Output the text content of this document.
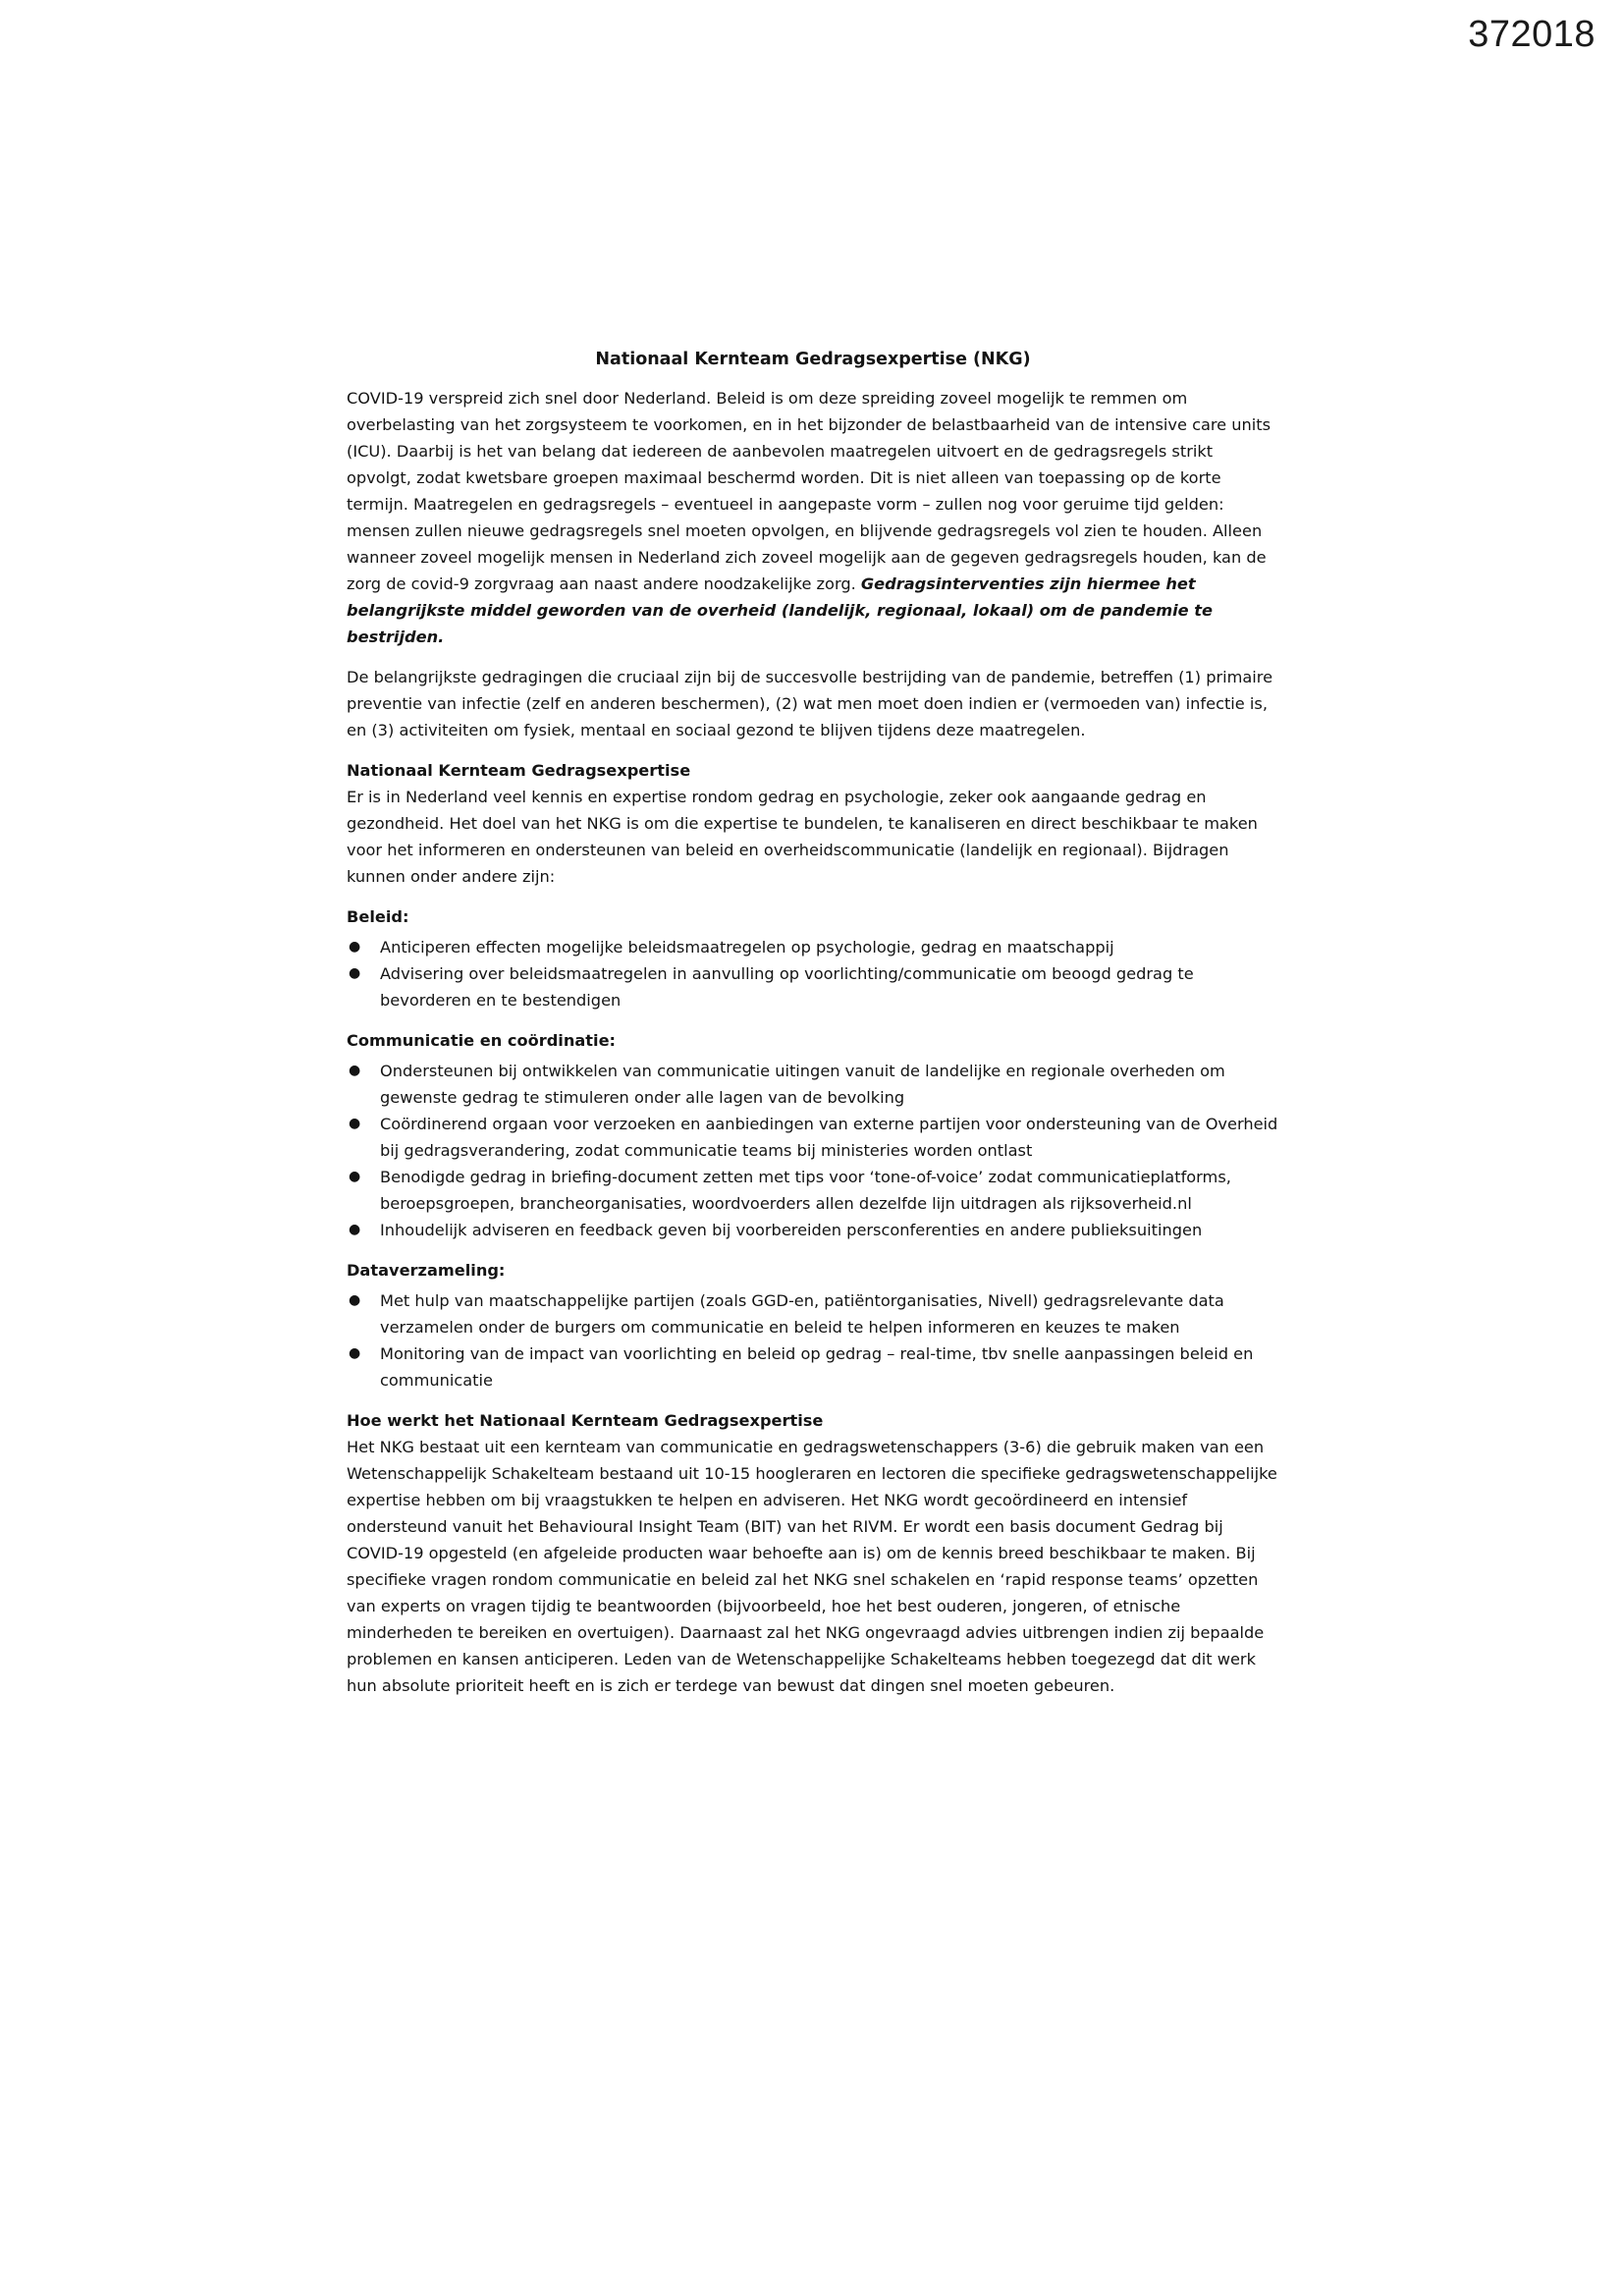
372018
Nationaal Kernteam Gedragsexpertise (NKG)

COVID-19 verspreid zich snel door Nederland. Beleid is om deze spreiding zoveel mogelijk te remmen om overbelasting van het zorgsysteem te voorkomen, en in het bijzonder de belastbaarheid van de intensive care units (ICU). Daarbij is het van belang dat iedereen de aanbevolen maatregelen uitvoert en de gedragsregels strikt opvolgt, zodat kwetsbare groepen maximaal beschermd worden. Dit is niet alleen van toepassing op de korte termijn. Maatregelen en gedragsregels – eventueel in aangepaste vorm – zullen nog voor geruime tijd gelden: mensen zullen nieuwe gedragsregels snel moeten opvolgen, en blijvende gedragsregels vol zien te houden. Alleen wanneer zoveel mogelijk mensen in Nederland zich zoveel mogelijk aan de gegeven gedragsregels houden, kan de zorg de covid-9 zorgvraag aan naast andere noodzakelijke zorg. Gedragsinterventies zijn hiermee het belangrijkste middel geworden van de overheid (landelijk, regionaal, lokaal) om de pandemie te bestrijden.

De belangrijkste gedragingen die cruciaal zijn bij de succesvolle bestrijding van de pandemie, betreffen (1) primaire preventie van infectie (zelf en anderen beschermen), (2) wat men moet doen indien er (vermoeden van) infectie is, en (3) activiteiten om fysiek, mentaal en sociaal gezond te blijven tijdens deze maatregelen.

Nationaal Kernteam Gedragsexpertise

Er is in Nederland veel kennis en expertise rondom gedrag en psychologie, zeker ook aangaande gedrag en gezondheid. Het doel van het NKG is om die expertise te bundelen, te kanaliseren en direct beschikbaar te maken voor het informeren en ondersteunen van beleid en overheidscommunicatie (landelijk en regionaal). Bijdragen kunnen onder andere zijn:

Beleid:
● Anticiperen effecten mogelijke beleidsmaatregelen op psychologie, gedrag en maatschappij
● Advisering over beleidsmaatregelen in aanvulling op voorlichting/communicatie om beoogd gedrag te bevorderen en te bestendigen
Communicatie en coördinatie:
● Ondersteunen bij ontwikkelen van communicatie uitingen vanuit de landelijke en regionale overheden om gewenste gedrag te stimuleren onder alle lagen van de bevolking
● Coördinerend orgaan voor verzoeken en aanbiedingen van externe partijen voor ondersteuning van de Overheid bij gedragsverandering, zodat communicatie teams bij ministeries worden ontlast
● Benodigde gedrag in briefing-document zetten met tips voor ‘tone-of-voice’ zodat communicatieplatforms, beroepsgroepen, brancheorganisaties, woordvoerders allen dezelfde lijn uitdragen als rijksoverheid.nl
● Inhoudelijk adviseren en feedback geven bij voorbereiden persconferenties en andere publieksuitingen
Dataverzameling:
● Met hulp van maatschappelijke partijen (zoals GGD-en, patiëntorganisaties, Nivell) gedragsrelevante data verzamelen onder de burgers om communicatie en beleid te helpen informeren en keuzes te maken
● Monitoring van de impact van voorlichting en beleid op gedrag – real-time, tbv snelle aanpassingen beleid en communicatie
Hoe werkt het Nationaal Kernteam Gedragsexpertise

Het NKG bestaat uit een kernteam van communicatie en gedragswetenschappers (3-6) die gebruik maken van een Wetenschappelijk Schakelteam bestaand uit 10-15 hoogleraren en lectoren die specifieke gedragswetenschappelijke expertise hebben om bij vraagstukken te helpen en adviseren. Het NKG wordt gecoördineerd en intensief ondersteund vanuit het Behavioural Insight Team (BIT) van het RIVM. Er wordt een basis document Gedrag bij COVID-19 opgesteld (en afgeleide producten waar behoefte aan is) om de kennis breed beschikbaar te maken. Bij specifieke vragen rondom communicatie en beleid zal het NKG snel schakelen en ‘rapid response teams’ opzetten van experts on vragen tijdig te beantwoorden (bijvoorbeeld, hoe het best ouderen, jongeren, of etnische minderheden te bereiken en overtuigen). Daarnaast zal het NKG ongevraagd advies uitbrengen indien zij bepaalde problemen en kansen anticiperen. Leden van de Wetenschappelijke Schakelteams hebben toegezegd dat dit werk hun absolute prioriteit heeft en is zich er terdege van bewust dat dingen snel moeten gebeuren.
